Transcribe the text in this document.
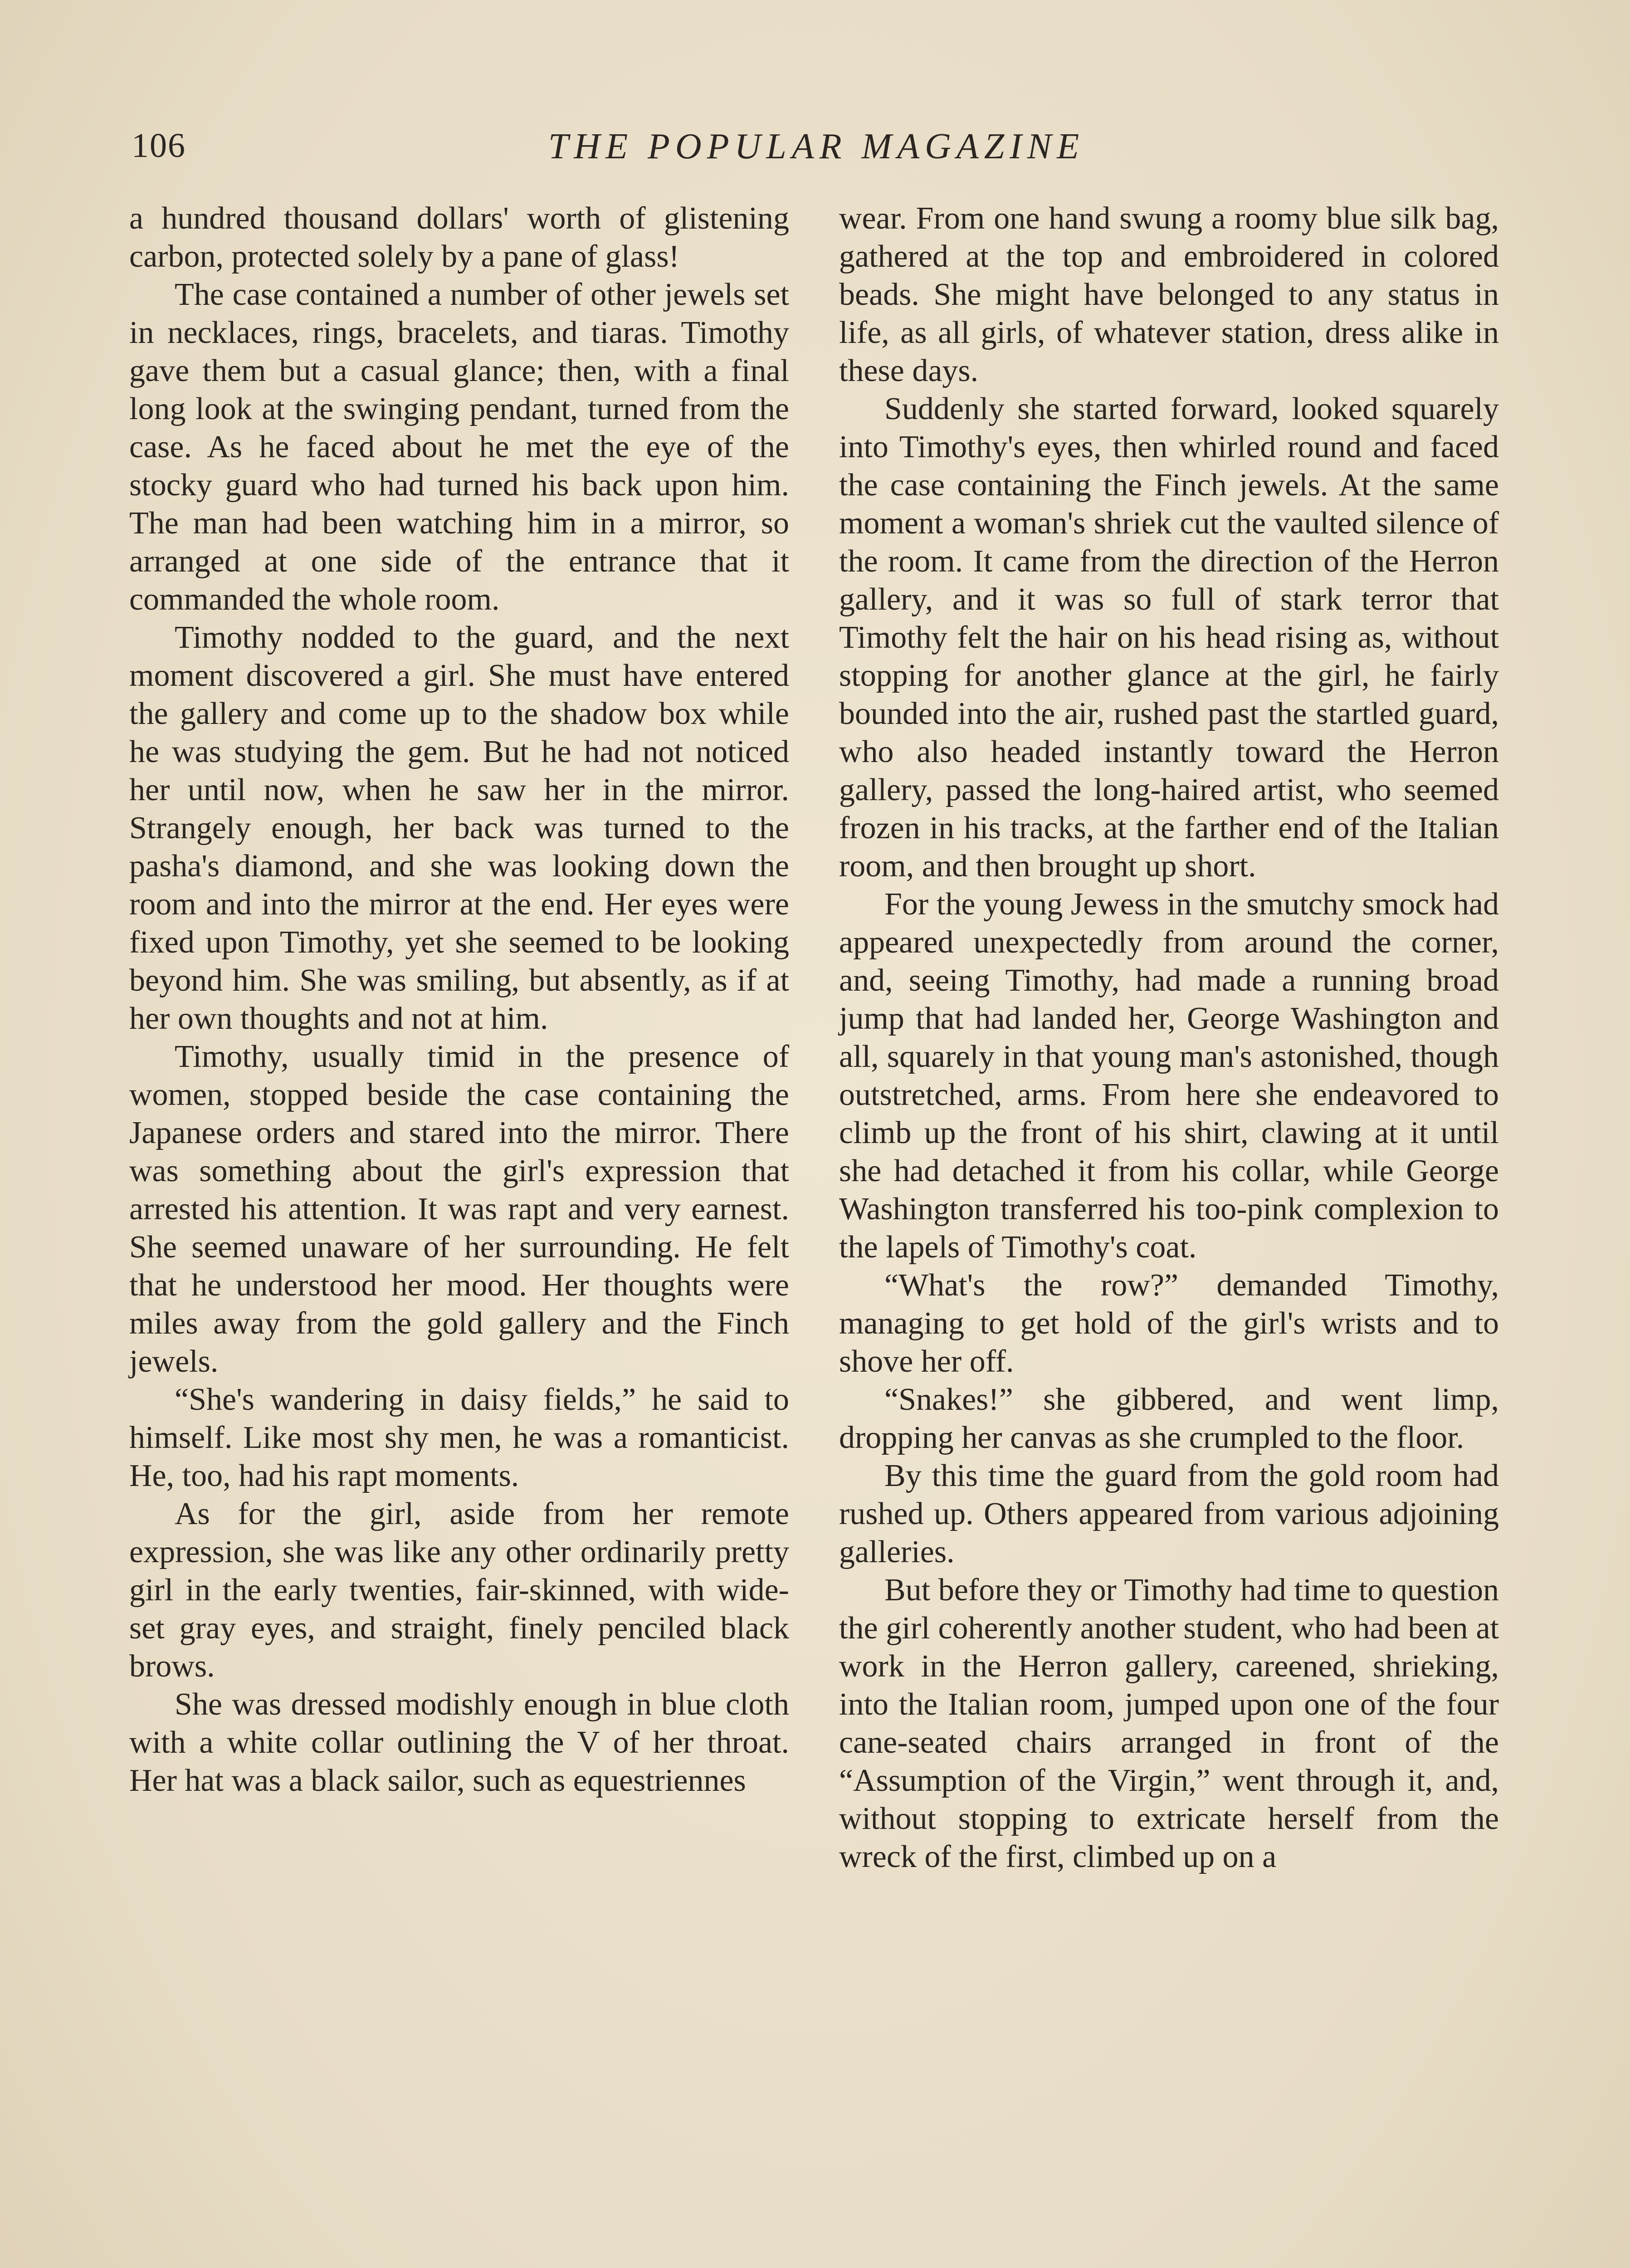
106	THE POPULAR MAGAZINE

a hundred thousand dollars' worth of glistening carbon, protected solely by a pane of glass!

The case contained a number of other jewels set in necklaces, rings, bracelets, and tiaras. Timothy gave them but a casual glance; then, with a final long look at the swinging pendant, turned from the case. As he faced about he met the eye of the stocky guard who had turned his back upon him. The man had been watching him in a mirror, so arranged at one side of the entrance that it commanded the whole room.

Timothy nodded to the guard, and the next moment discovered a girl. She must have entered the gallery and come up to the shadow box while he was studying the gem. But he had not noticed her until now, when he saw her in the mirror. Strangely enough, her back was turned to the pasha's diamond, and she was looking down the room and into the mirror at the end. Her eyes were fixed upon Timothy, yet she seemed to be looking beyond him. She was smiling, but absently, as if at her own thoughts and not at him.

Timothy, usually timid in the presence of women, stopped beside the case containing the Japanese orders and stared into the mirror. There was something about the girl's expression that arrested his attention. It was rapt and very earnest. She seemed unaware of her surrounding. He felt that he understood her mood. Her thoughts were miles away from the gold gallery and the Finch jewels.

“She's wandering in daisy fields,” he said to himself. Like most shy men, he was a romanticist. He, too, had his rapt moments.

As for the girl, aside from her remote expression, she was like any other ordinarily pretty girl in the early twenties, fair-skinned, with wide-set gray eyes, and straight, finely penciled black brows.

She was dressed modishly enough in blue cloth with a white collar outlining the V of her throat. Her hat was a black sailor, such as equestriennes

wear. From one hand swung a roomy blue silk bag, gathered at the top and embroidered in colored beads. She might have belonged to any status in life, as all girls, of whatever station, dress alike in these days.

Suddenly she started forward, looked squarely into Timothy's eyes, then whirled round and faced the case containing the Finch jewels. At the same moment a woman's shriek cut the vaulted silence of the room. It came from the direction of the Herron gallery, and it was so full of stark terror that Timothy felt the hair on his head rising as, without stopping for another glance at the girl, he fairly bounded into the air, rushed past the startled guard, who also headed instantly toward the Herron gallery, passed the long-haired artist, who seemed frozen in his tracks, at the farther end of the Italian room, and then brought up short.

For the young Jewess in the smutchy smock had appeared unexpectedly from around the corner, and, seeing Timothy, had made a running broad jump that had landed her, George Washington and all, squarely in that young man's astonished, though outstretched, arms. From here she endeavored to climb up the front of his shirt, clawing at it until she had detached it from his collar, while George Washington transferred his too-pink complexion to the lapels of Timothy's coat.

“What's the row?” demanded Timothy, managing to get hold of the girl's wrists and to shove her off.

“Snakes!” she gibbered, and went limp, dropping her canvas as she crumpled to the floor.

By this time the guard from the gold room had rushed up. Others appeared from various adjoining galleries.

But before they or Timothy had time to question the girl coherently another student, who had been at work in the Herron gallery, careened, shrieking, into the Italian room, jumped upon one of the four cane-seated chairs arranged in front of the “Assumption of the Virgin,” went through it, and, without stopping to extricate herself from the wreck of the first, climbed up on a
